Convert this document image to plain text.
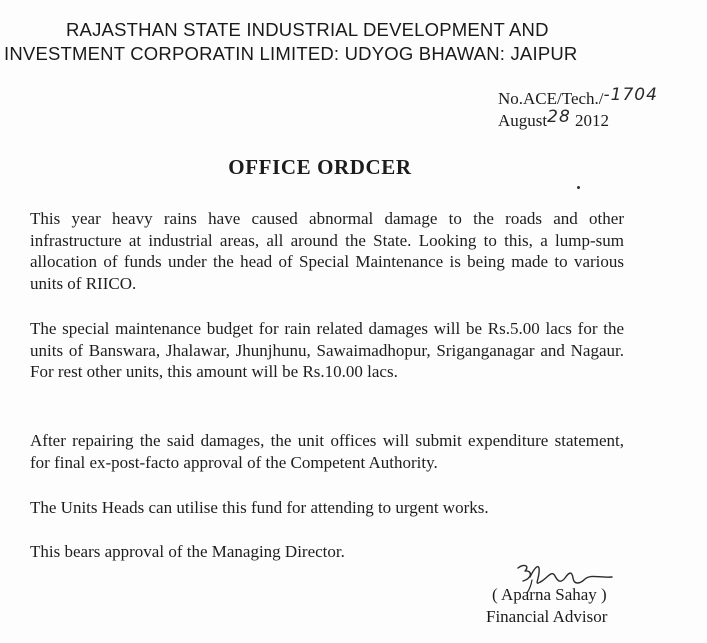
RAJASTHAN STATE INDUSTRIAL DEVELOPMENT AND
INVESTMENT CORPORATIN LIMITED: UDYOG BHAWAN: JAIPUR
No.ACE/Tech./-1704
August28 2012
OFFICE ORDCER
This year heavy rains have caused abnormal damage to the roads and other infrastructure at industrial areas, all around the State. Looking to this, a lump-sum allocation of funds under the head of Special Maintenance is being made to various units of RIICO.
The special maintenance budget for rain related damages will be Rs.5.00 lacs for the units of Banswara, Jhalawar, Jhunjhunu, Sawaimadhopur, Sriganganagar and Nagaur. For rest other units, this amount will be Rs.10.00 lacs.
After repairing the said damages, the unit offices will submit expenditure statement, for final ex-post-facto approval of the Competent Authority.
The Units Heads can utilise this fund for attending to urgent works.
This bears approval of the Managing Director.
( Aparna Sahay )
Financial Advisor
